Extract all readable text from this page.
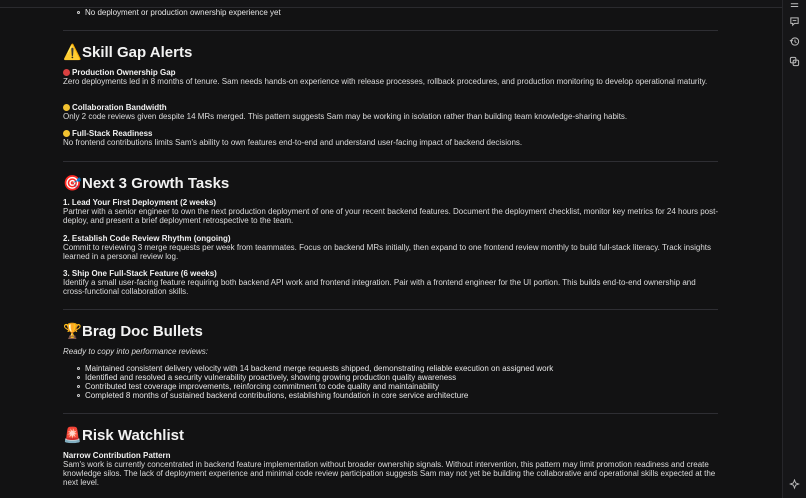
No deployment or production ownership experience yet
⚠️Skill Gap Alerts
Production Ownership Gap
Zero deployments led in 8 months of tenure. Sam needs hands-on experience with release processes, rollback procedures, and production monitoring to develop operational maturity.
Collaboration Bandwidth
Only 2 code reviews given despite 14 MRs merged. This pattern suggests Sam may be working in isolation rather than building team knowledge-sharing habits.
Full-Stack Readiness
No frontend contributions limits Sam's ability to own features end-to-end and understand user-facing impact of backend decisions.
🎯Next 3 Growth Tasks
1. Lead Your First Deployment (2 weeks)
Partner with a senior engineer to own the next production deployment of one of your recent backend features. Document the deployment checklist, monitor key metrics for 24 hours post-deploy, and present a brief deployment retrospective to the team.
2. Establish Code Review Rhythm (ongoing)
Commit to reviewing 3 merge requests per week from teammates. Focus on backend MRs initially, then expand to one frontend review monthly to build full-stack literacy. Track insights learned in a personal review log.
3. Ship One Full-Stack Feature (6 weeks)
Identify a small user-facing feature requiring both backend API work and frontend integration. Pair with a frontend engineer for the UI portion. This builds end-to-end ownership and cross-functional collaboration skills.
🏆Brag Doc Bullets
Ready to copy into performance reviews:
Maintained consistent delivery velocity with 14 backend merge requests shipped, demonstrating reliable execution on assigned work
Identified and resolved a security vulnerability proactively, showing growing production quality awareness
Contributed test coverage improvements, reinforcing commitment to code quality and maintainability
Completed 8 months of sustained backend contributions, establishing foundation in core service architecture
🚨Risk Watchlist
Narrow Contribution Pattern
Sam's work is currently concentrated in backend feature implementation without broader ownership signals. Without intervention, this pattern may limit promotion readiness and create knowledge silos. The lack of deployment experience and minimal code review participation suggests Sam may not yet be building the collaborative and operational skills expected at the next level.
